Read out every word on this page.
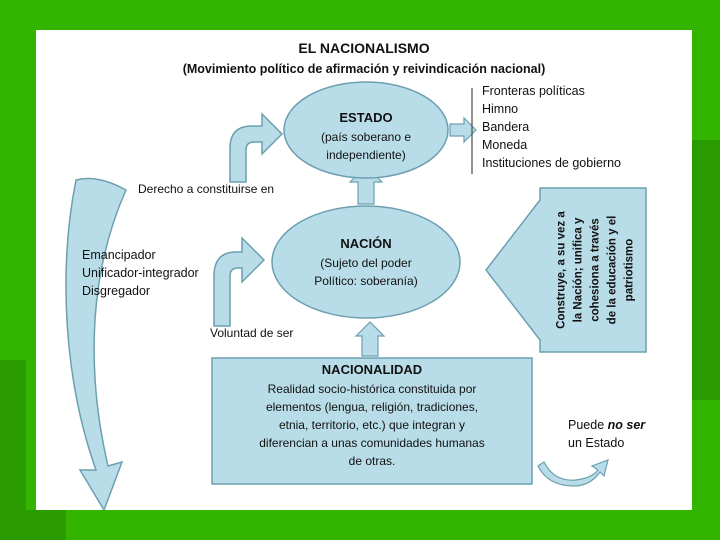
EL NACIONALISMO
(Movimiento político de afirmación y reivindicación nacional)
ESTADO
(país soberano e
independiente)
Fronteras políticas
Himno
Bandera
Moneda
Instituciones de gobierno
Derecho a constituirse en
NACIÓN
(Sujeto del poder
Político: soberanía)
Emancipador
Unificador-integrador
Disgregador
Voluntad de ser
Construye, a su vez a la Nación; unifica y cohesiona a través de la educación y el patriotismo
NACIONALIDAD
Realidad socio-histórica constituida por
elementos (lengua, religión, tradiciones,
etnia, territorio, etc.) que integran y
diferencian a unas comunidades humanas
de otras.
Puede no ser
un Estado
